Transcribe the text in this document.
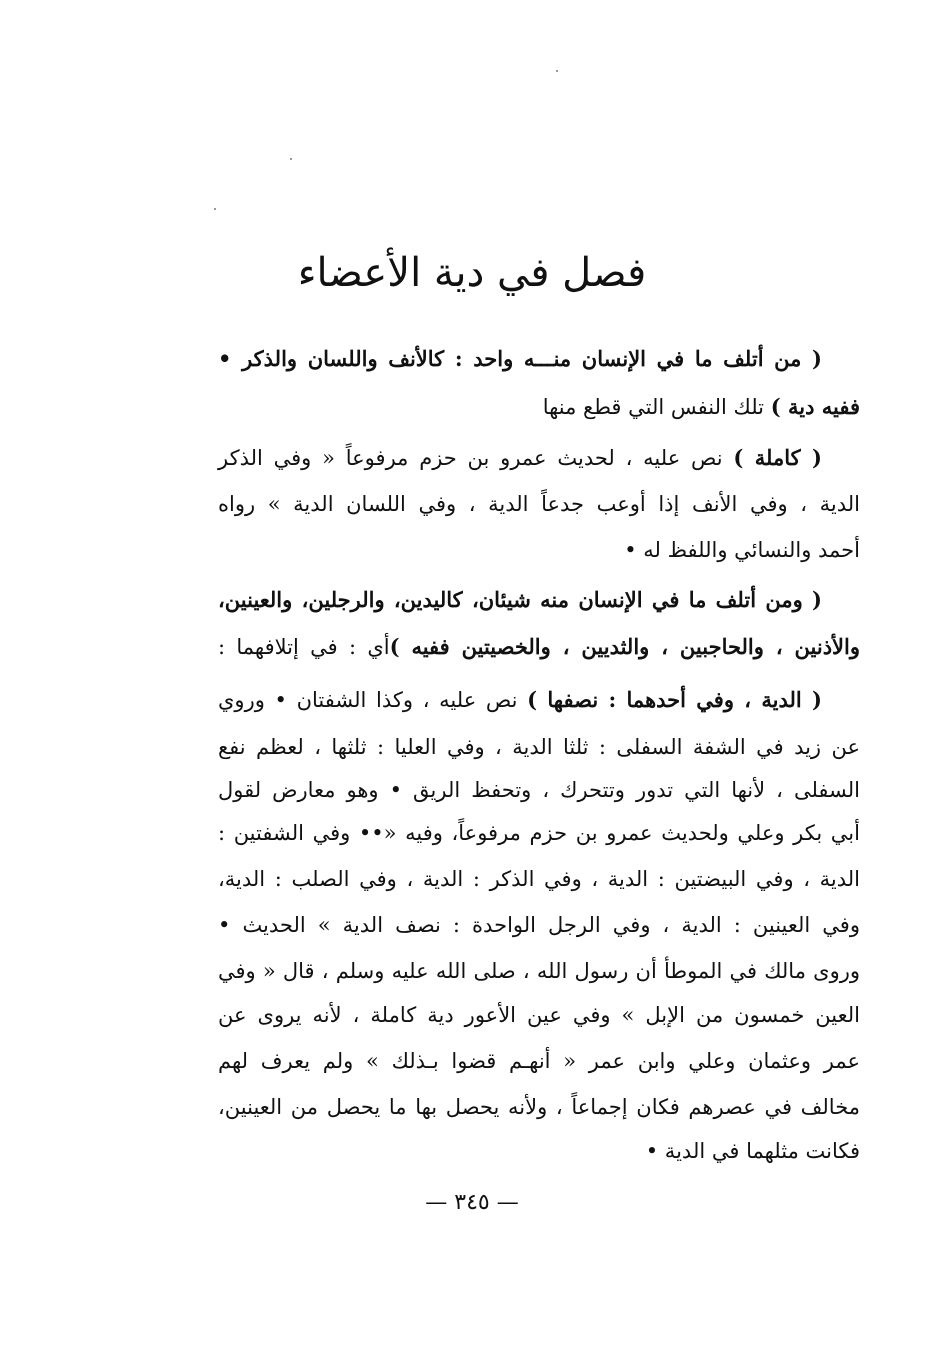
فصل في دية الأعضاء
( من أتلف ما في الإنسان منـــه واحد : كالأنف واللسان والذكر •
ففيه دية ) تلك النفس التي قطع منها
( كاملة ) نص عليه ، لحديث عمرو بن حزم مرفوعاً « وفي الذكر
الدية ، وفي الأنف إذا أوعب جدعاً الدية ، وفي اللسان الدية » رواه
أحمد والنسائي واللفظ له •
( ومن أتلف ما في الإنسان منه شيئان، كاليدين، والرجلين، والعينين،
والأذنين ، والحاجبين ، والثديين ، والخصيتين ففيه )أي : في إتلافهما :
( الدية ، وفي أحدهما : نصفها ) نص عليه ، وكذا الشفتان • وروي
عن زيد في الشفة السفلى : ثلثا الدية ، وفي العليا : ثلثها ، لعظم نفع
السفلى ، لأنها التي تدور وتتحرك ، وتحفظ الريق • وهو معارض لقول
أبي بكر وعلي ولحديث عمرو بن حزم مرفوعاً، وفيه «•• وفي الشفتين :
الدية ، وفي البيضتين : الدية ، وفي الذكر : الدية ، وفي الصلب : الدية،
وفي العينين : الدية ، وفي الرجل الواحدة : نصف الدية » الحديث •
وروى مالك في الموطأ أن رسول الله ، صلى الله عليه وسلم ، قال « وفي
العين خمسون من الإبل » وفي عين الأعور دية كاملة ، لأنه يروى عن
عمر وعثمان وعلي وابن عمر « أنهـم قضوا بـذلك » ولم يعرف لهم
مخالف في عصرهم فكان إجماعاً ، ولأنه يحصل بها ما يحصل من العينين،
فكانت مثلهما في الدية •
— ٣٤٥ —
